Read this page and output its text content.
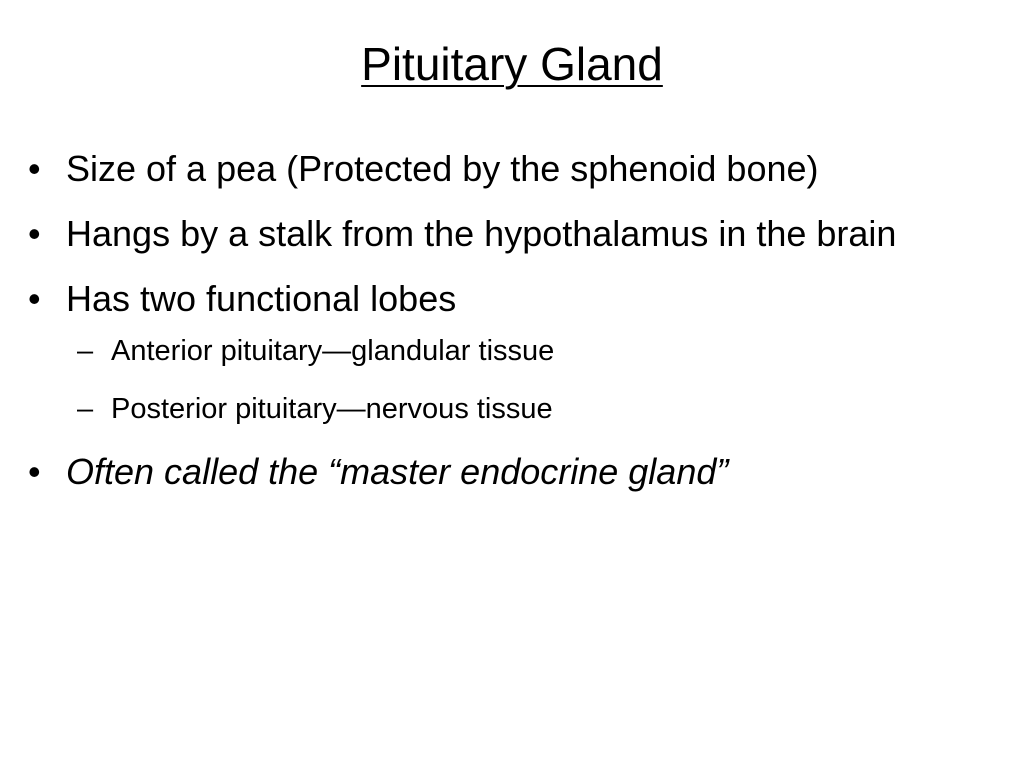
Pituitary Gland
• Size of a pea (Protected by the sphenoid bone)
• Hangs by a stalk from the hypothalamus in the brain
• Has two functional lobes
– Anterior pituitary—glandular tissue
– Posterior pituitary—nervous tissue
• Often called the “master endocrine gland”
